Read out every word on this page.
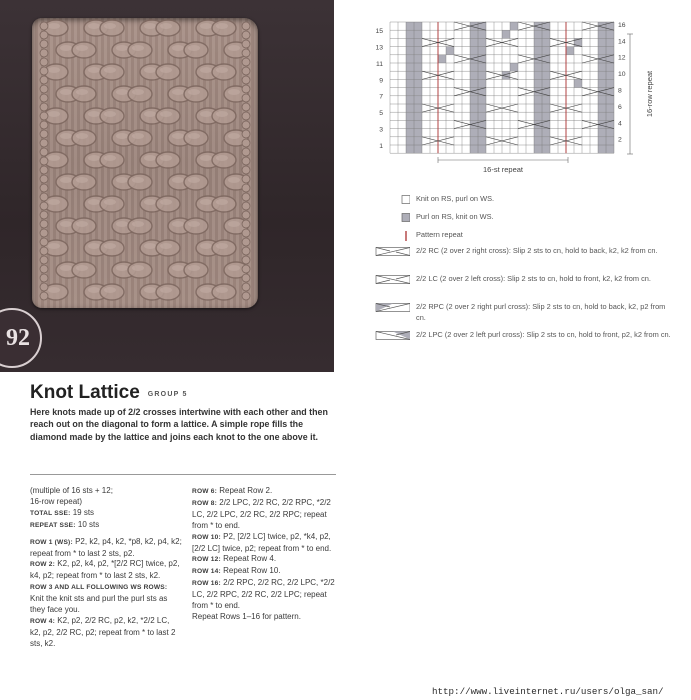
92
15
13
11
9
7
5
3
1
16
14
12
10
8
6
4
2
16-row repeat
16-st repeat
Knit on RS, purl on WS.
Purl on RS, knit on WS.
Pattern repeat
2/2 RC (2 over 2 right cross): Slip 2 sts to cn, hold to back, k2, k2 from cn.
2/2 LC (2 over 2 left cross): Slip 2 sts to cn, hold to front, k2, k2 from cn.
2/2 RPC (2 over 2 right purl cross): Slip 2 sts to cn, hold to back, k2, p2 from cn.
2/2 LPC (2 over 2 left purl cross): Slip 2 sts to cn, hold to front, p2, k2 from cn.
Knot Lattice GROUP 5
Here knots made up of 2/2 crosses intertwine with each other and then reach out on the diagonal to form a lattice. A simple rope fills the diamond made by the lattice and joins each knot to the one above it.

(multiple of 16 sts + 12;

16-row repeat)

TOTAL SSE: 19 sts

REPEAT SSE: 10 sts

ROW 1 (WS): P2, k2, p4, k2, *p8, k2, p4, k2; repeat from * to last 2 sts, p2.

ROW 2: K2, p2, k4, p2, *[2/2 RC] twice, p2, k4, p2; repeat from * to last 2 sts, k2.

ROW 3 AND ALL FOLLOWING WS ROWS: Knit the knit sts and purl the purl sts as they face you.

ROW 4: K2, p2, 2/2 RC, p2, k2, *2/2 LC, k2, p2, 2/2 RC, p2; repeat from * to last 2 sts, k2.

ROW 6: Repeat Row 2.

ROW 8: 2/2 LPC, 2/2 RC, 2/2 RPC, *2/2 LC, 2/2 LPC, 2/2 RC, 2/2 RPC; repeat from * to end.

ROW 10: P2, [2/2 LC] twice, p2, *k4, p2, [2/2 LC] twice, p2; repeat from * to end.

ROW 12: Repeat Row 4.

ROW 14: Repeat Row 10.

ROW 16: 2/2 RPC, 2/2 RC, 2/2 LPC, *2/2 LC, 2/2 RPC, 2/2 RC, 2/2 LPC; repeat from * to end.

Repeat Rows 1–16 for pattern.

http://www.liveinternet.ru/users/olga_san/
